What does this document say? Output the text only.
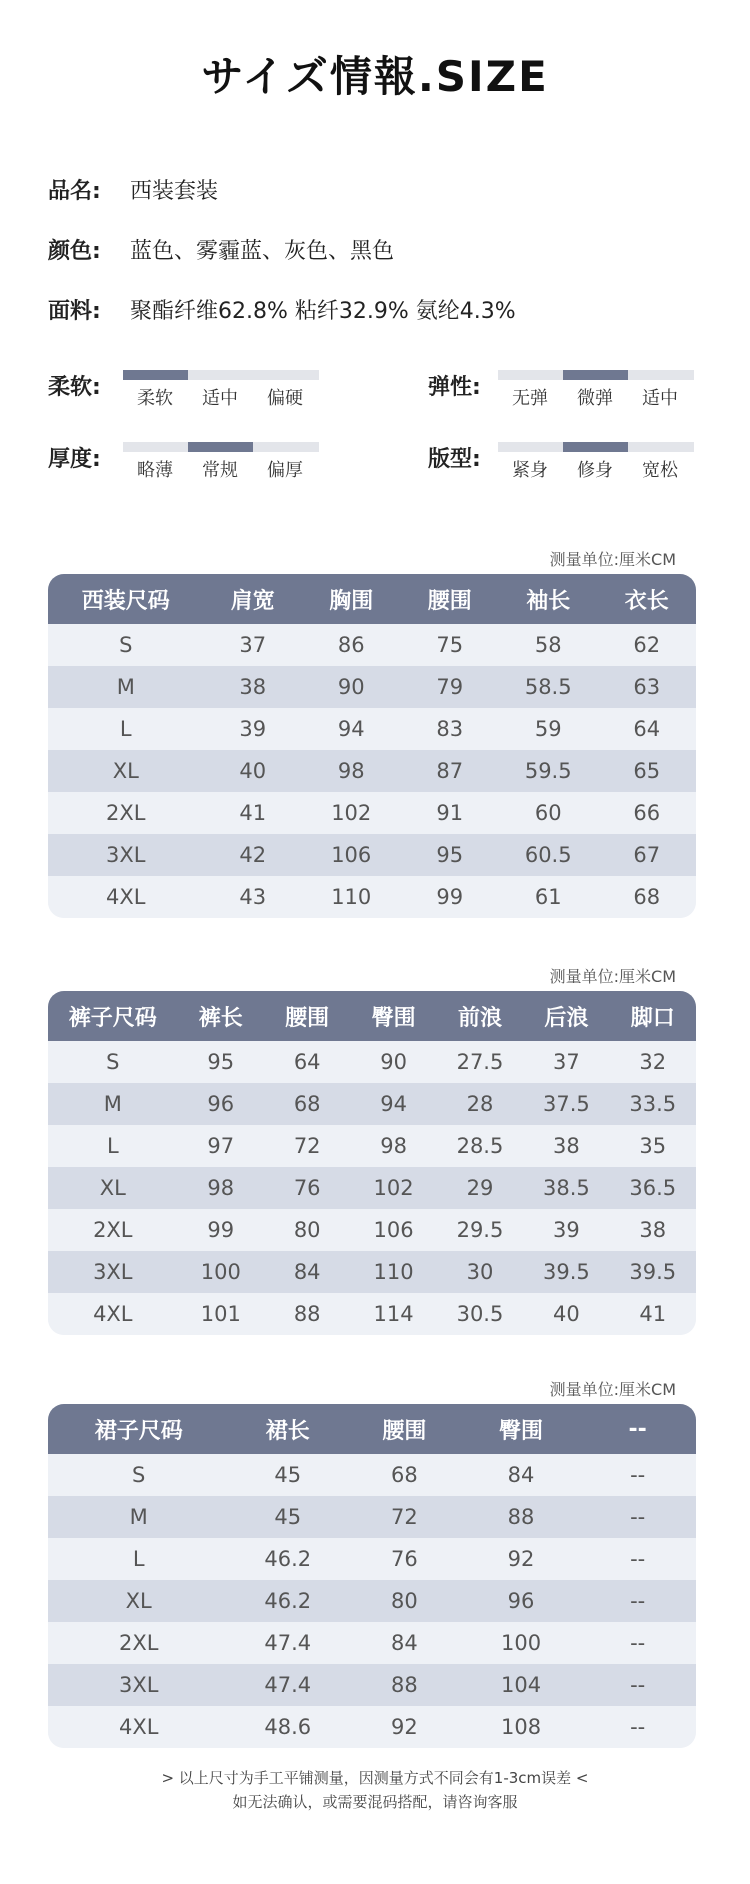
サイズ情報.SIZE
品名: 西装套装
颜色: 蓝色、雾霾蓝、灰色、黑色
面料: 聚酯纤维62.8% 粘纤32.9% 氨纶4.3%
柔软:	柔软	适中	偏硬	弹性:	无弹	微弹	适中
厚度:	略薄	常规	偏厚	版型:	紧身	修身	宽松
测量单位:厘米CM
西装尺码	肩宽	胸围	腰围	袖长	衣长
S	37	86	75	58	62
M	38	90	79	58.5	63
L	39	94	83	59	64
XL	40	98	87	59.5	65
2XL	41	102	91	60	66
3XL	42	106	95	60.5	67
4XL	43	110	99	61	68
测量单位:厘米CM
裤子尺码	裤长	腰围	臀围	前浪	后浪	脚口
S	95	64	90	27.5	37	32
M	96	68	94	28	37.5	33.5
L	97	72	98	28.5	38	35
XL	98	76	102	29	38.5	36.5
2XL	99	80	106	29.5	39	38
3XL	100	84	110	30	39.5	39.5
4XL	101	88	114	30.5	40	41
测量单位:厘米CM
裙子尺码	裙长	腰围	臀围	--
S	45	68	84	--
M	45	72	88	--
L	46.2	76	92	--
XL	46.2	80	96	--
2XL	47.4	84	100	--
3XL	47.4	88	104	--
4XL	48.6	92	108	--
> 以上尺寸为手工平铺测量，因测量方式不同会有1-3cm误差 <
如无法确认，或需要混码搭配，请咨询客服
